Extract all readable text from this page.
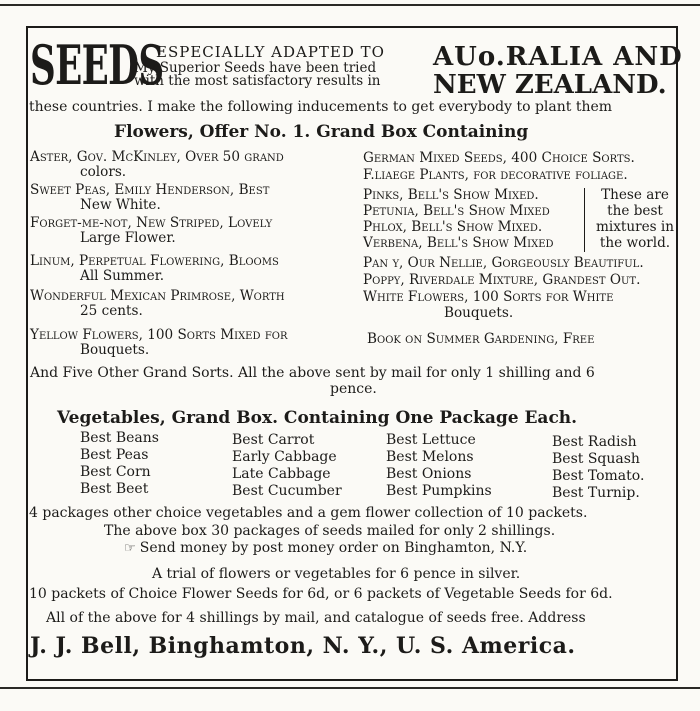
SEEDS
ESPECIALLY ADAPTED TO
My Superior Seeds have been tried
with the most satisfactory results in
AUo.RALIA AND
NEW ZEALAND.
these countries. I make the following inducements to get everybody to plant them
Flowers, Offer No. 1. Grand Box Containing
Aster, Gov. McKinley, Over 50 grand
colors.
Sweet Peas, Emily Henderson, Best
New White.
Forget-me-not, New Striped, Lovely
Large Flower.
Linum, Perpetual Flowering, Blooms
All Summer.
Wonderful Mexican Primrose, Worth
25 cents.
Yellow Flowers, 100 Sorts Mixed for
Bouquets.
German Mixed Seeds, 400 Choice Sorts.
F.liaege Plants, for decorative foliage.
Pinks, Bell's Show Mixed.
Petunia, Bell's Show Mixed
Phlox, Bell's Show Mixed.
Verbena, Bell's Show Mixed
These are
the best
mixtures in
the world.
Pan y, Our Nellie, Gorgeously Beautiful.
Poppy, Riverdale Mixture, Grandest Out.
White Flowers, 100 Sorts for White
Bouquets.
Book on Summer Gardening, Free
And Five Other Grand Sorts. All the above sent by mail for only 1 shilling and 6
pence.
Vegetables, Grand Box. Containing One Package Each.
Best Beans
Best Peas
Best Corn
Best Beet
Best Carrot
Early Cabbage
Late Cabbage
Best Cucumber
Best Lettuce
Best Melons
Best Onions
Best Pumpkins
Best Radish
Best Squash
Best Tomato.
Best Turnip.
4 packages other choice vegetables and a gem flower collection of 10 packets.
The above box 30 packages of seeds mailed for only 2 shillings.
☞ Send money by post money order on Binghamton, N.Y.
A trial of flowers or vegetables for 6 pence in silver.
10 packets of Choice Flower Seeds for 6d, or 6 packets of Vegetable Seeds for 6d.
All of the above for 4 shillings by mail, and catalogue of seeds free. Address
J. J. Bell, Binghamton, N. Y., U. S. America.
